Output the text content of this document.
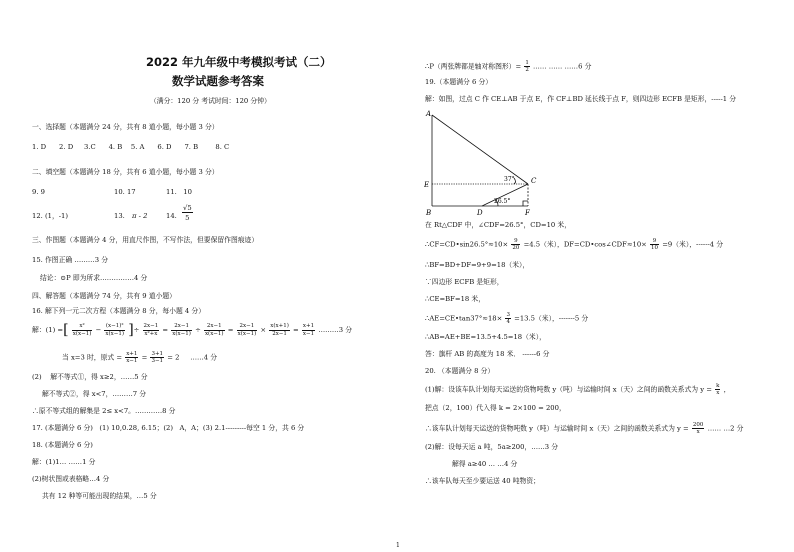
2022 年九年级中考模拟考试（二）
数学试题参考答案
（满分：120 分 考试时间：120 分钟）
一、选择题（本题满分 24 分，共有 8 道小题，每小题 3 分）
1. D      2. D     3.C      4. B    5. A      6. D      7. B        8. C
二、填空题（本题满分 18 分，共有 6 道小题，每小题 3 分）
9. 9	10. 17	11.   10
12. (1，-1)	13. π - 2	14. $\frac{√5}{5}$
三、作图题（本题满分 4 分，用直尺作图，不写作法，但要保留作图痕迹）
15. 作图正确 ………3 分
结论：⊙P 即为所求……………4 分
四、解答题（本题满分 74 分，共有 9 道小题）
16. 解下列一元二次方程（本题满分 8 分，每小题 4 分）
解：(1) =[ $\frac{\text{x²}}{x(x-1)} - \frac{\text{(x−1)²}}{x(x-1)}$ ]÷ $\frac{2x-1}{\text{x²+x}} = \frac{2x-1}{x(x-1)} \div \frac{2x-1}{x(x-1)} = \frac{2x-1}{x(x-1)} \times \frac{x(x+1)}{2x-1} = \frac{x+1}{x-1}$ ………3 分
当 x=3 时，原式 = $\frac{x+1}{x-1} = \frac{3+1}{3-1} = 2$     ……4 分
(2)    解不等式①，得 x≥2，……5 分
解不等式②，得 x<7，………7 分
∴原不等式组的解集是 2≤ x<7。…………8 分
17. (本题满分 6 分)   (1) 10,0.28, 6.15；(2)   A，A；(3) 2.1---------每空 1 分，共 6 分
18. (本题满分 6 分)
解：(1)1… ……1 分
(2)树状图或表格略…4 分
共有 12 种等可能出现的结果，…5 分
∴P（两张牌都是轴对称图形）= $\frac{1}{2}$ …… …… ……6 分
19.（本题满分 6 分）
解：如图，过点 C 作 CE⊥AB 于点 E，作 CF⊥BD 延长线于点 F，则四边形 ECFB 是矩形，-----1 分
A
E
B	D	F
C
37°
26.5°
在 Rt△CDF 中，∠CDF=26.5°，CD=10 米，
∴CF=CD•sin26.5°≈10× $\frac{9}{20} =4.5$（米），DF=CD•cos∠CDF≈10× $\frac{9}{10} =9$（米），------4 分
∴BF=BD+DF=9+9=18（米），
∵四边形 ECFB 是矩形，
∴CE=BF=18 米，
∴AE=CE•tan37°≈18× $\frac{3}{4} =13.5$（米），-------5 分
∴AB=AE+BE=13.5+4.5=18（米），
答：旗杆 AB 的高度为 18 米． ------6 分
20. （本题满分 8 分）
(1)解：设该车队计划每天运送的货物吨数 y（吨）与运输时间 x（天）之间的函数关系式为 $y = \frac{k}{x}$ ，
把点（2，100）代入得 k = 2×100 = 200，
∴该车队计划每天运送的货物吨数 y（吨）与运输时间 x（天）之间的函数关系式为 $y = \frac{200}{x}$ …… …2 分
(2)解：设每天运 a 吨，5a≥200，……3 分
解得 a≥40 … …4 分
∴该车队每天至少要运送 40 吨物资；
1
